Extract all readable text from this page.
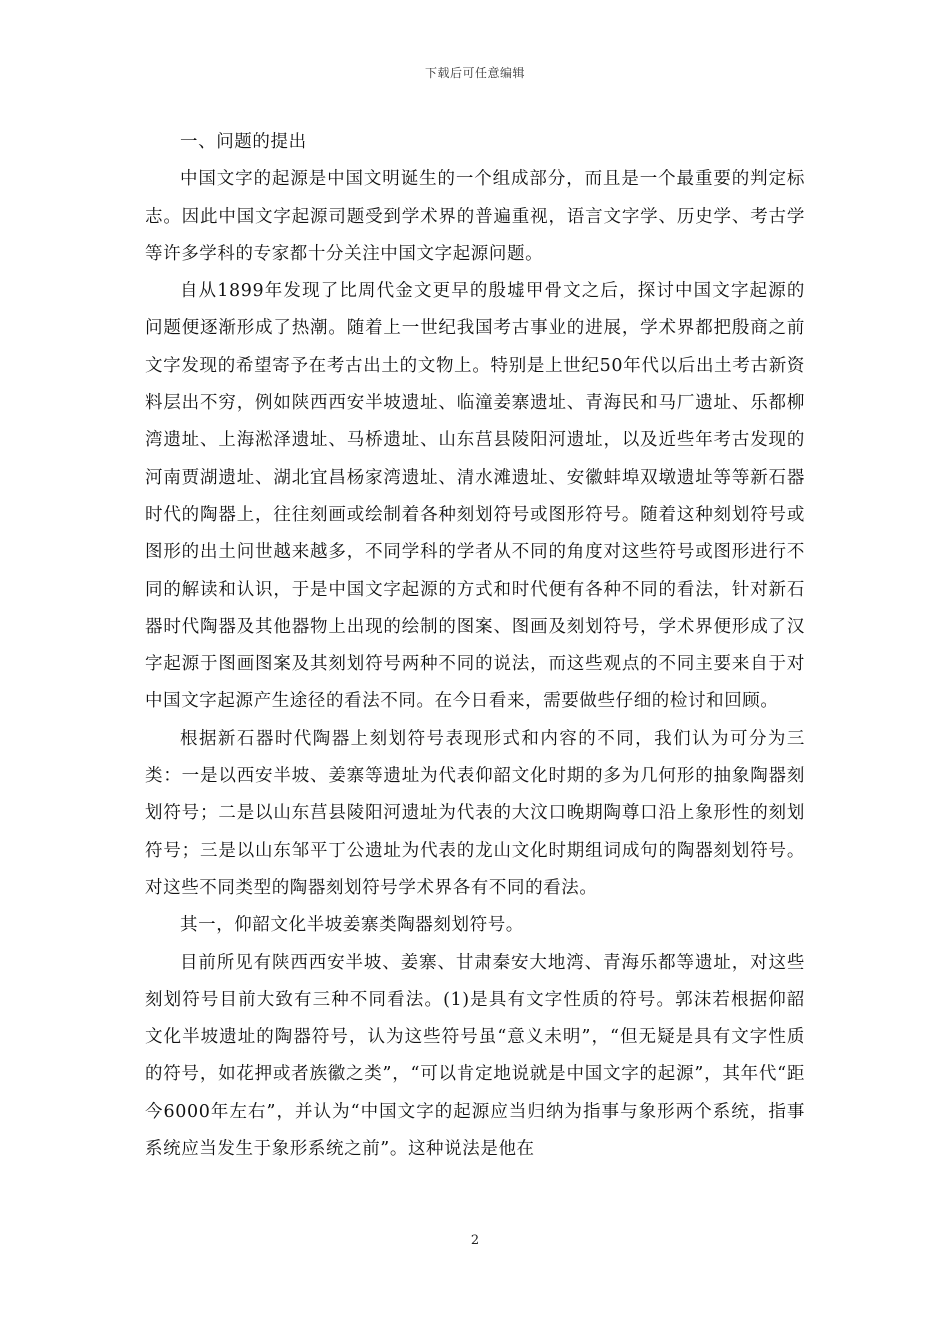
下载后可任意编辑

一、问题的提出

中国文字的起源是中国文明诞生的一个组成部分，而且是一个最重要的判定标志。因此中国文字起源司题受到学术界的普遍重视，语言文字学、历史学、考古学等许多学科的专家都十分关注中国文字起源问题。

自从1899年发现了比周代金文更早的殷墟甲骨文之后，探讨中国文字起源的问题便逐渐形成了热潮。随着上一世纪我国考古事业的进展，学术界都把殷商之前文字发现的希望寄予在考古出土的文物上。特别是上世纪50年代以后出土考古新资料层出不穷，例如陕西西安半坡遗址、临潼姜寨遗址、青海民和马厂遗址、乐都柳湾遗址、上海淞泽遗址、马桥遗址、山东莒县陵阳河遗址，以及近些年考古发现的河南贾湖遗址、湖北宜昌杨家湾遗址、清水滩遗址、安徽蚌埠双墩遗址等等新石器时代的陶器上，往往刻画或绘制着各种刻划符号或图形符号。随着这种刻划符号或图形的出土问世越来越多，不同学科的学者从不同的角度对这些符号或图形进行不同的解读和认识，于是中国文字起源的方式和时代便有各种不同的看法，针对新石器时代陶器及其他器物上出现的绘制的图案、图画及刻划符号，学术界便形成了汉字起源于图画图案及其刻划符号两种不同的说法，而这些观点的不同主要来自于对中国文字起源产生途径的看法不同。在今日看来，需要做些仔细的检讨和回顾。

根据新石器时代陶器上刻划符号表现形式和内容的不同，我们认为可分为三类：一是以西安半坡、姜寨等遗址为代表仰韶文化时期的多为几何形的抽象陶器刻划符号；二是以山东莒县陵阳河遗址为代表的大汶口晚期陶尊口沿上象形性的刻划符号；三是以山东邹平丁公遗址为代表的龙山文化时期组词成句的陶器刻划符号。对这些不同类型的陶器刻划符号学术界各有不同的看法。

其一，仰韶文化半坡姜寨类陶器刻划符号。

目前所见有陕西西安半坡、姜寨、甘肃秦安大地湾、青海乐都等遗址，对这些刻划符号目前大致有三种不同看法。(1)是具有文字性质的符号。郭沫若根据仰韶文化半坡遗址的陶器符号，认为这些符号虽“意义未明”，“但无疑是具有文字性质的符号，如花押或者族徽之类”，“可以肯定地说就是中国文字的起源”，其年代“距今6000年左右”，并认为“中国文字的起源应当归纳为指事与象形两个系统，指事系统应当发生于象形系统之前”。这种说法是他在

2
